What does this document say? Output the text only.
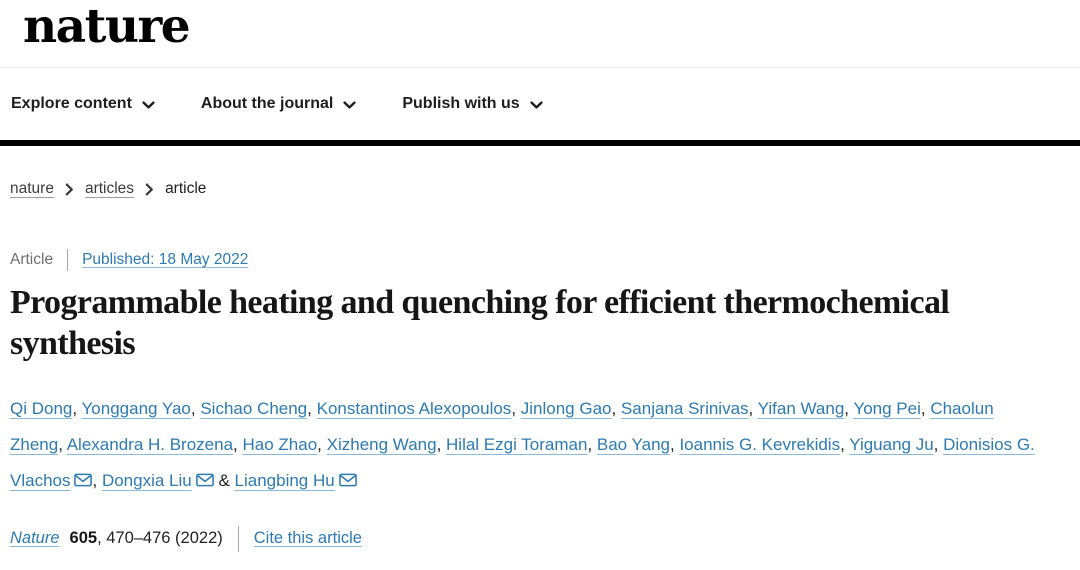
nature
Explore content	About the journal	Publish with us
nature articles article
Article Published: 18 May 2022
Programmable heating and quenching for efficient thermochemical synthesis

Qi Dong, Yonggang Yao, Sichao Cheng, Konstantinos Alexopoulos, Jinlong Gao, Sanjana Srinivas, Yifan Wang, Yong Pei, Chaolun Zheng, Alexandra H. Brozena, Hao Zhao, Xizheng Wang, Hilal Ezgi Toraman, Bao Yang, Ioannis G. Kevrekidis, Yiguang Ju, Dionisios G. Vlachos , Dongxia Liu & Liangbing Hu

Nature 605 , 470–476 (2022) Cite this article
